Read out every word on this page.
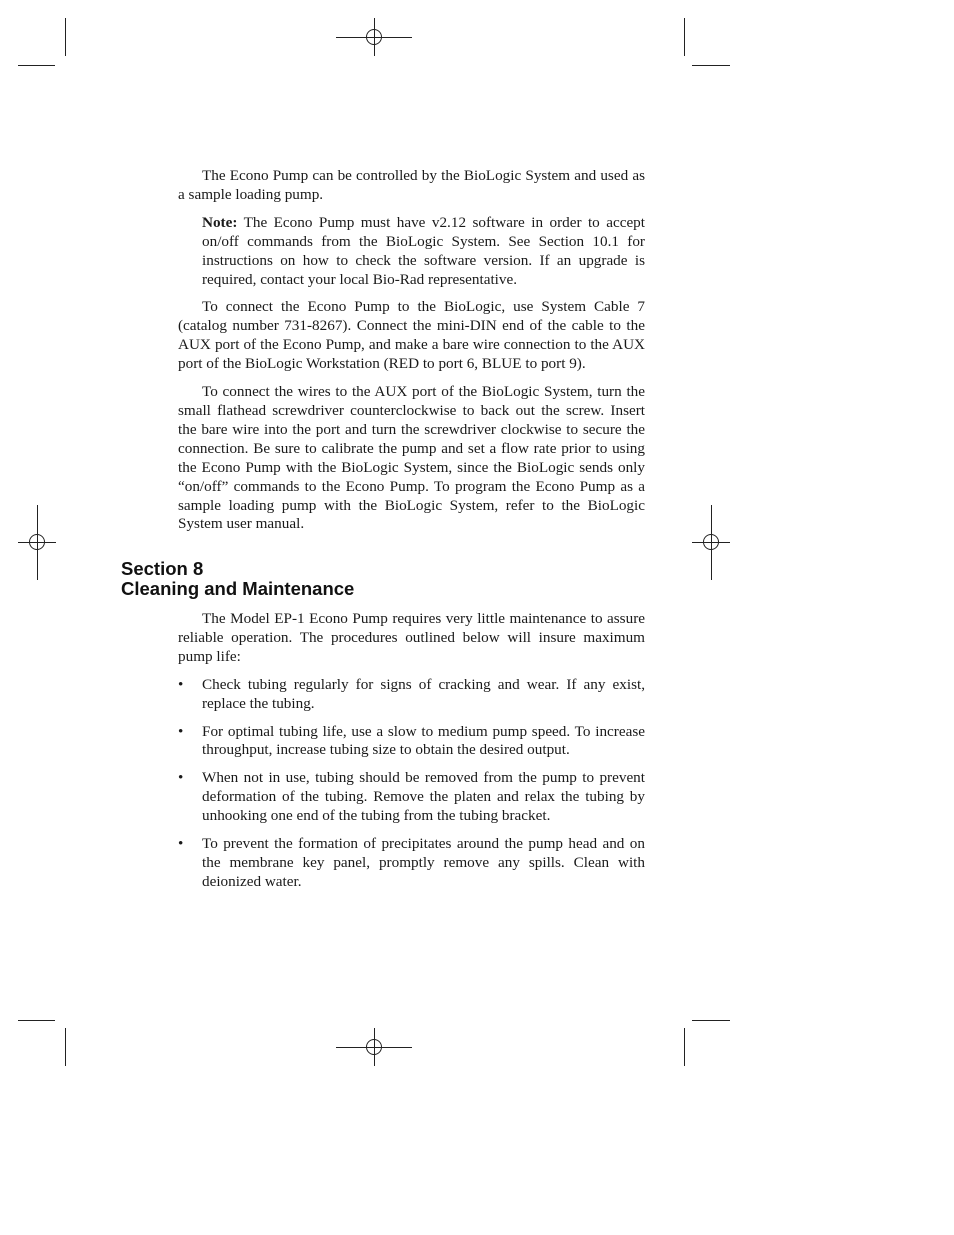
The Econo Pump can be controlled by the BioLogic System and used as a sample loading pump.

Note: The Econo Pump must have v2.12 software in order to accept on/off commands from the BioLogic System. See Section 10.1 for instructions on how to check the software version. If an upgrade is required, contact your local Bio-Rad representative.

To connect the Econo Pump to the BioLogic, use System Cable 7 (catalog number 731-8267). Connect the mini-DIN end of the cable to the AUX port of the Econo Pump, and make a bare wire connection to the AUX port of the BioLogic Workstation (RED to port 6, BLUE to port 9).

To connect the wires to the AUX port of the BioLogic System, turn the small flathead screwdriver counterclockwise to back out the screw. Insert the bare wire into the port and turn the screwdriver clockwise to secure the connection. Be sure to calibrate the pump and set a flow rate prior to using the Econo Pump with the BioLogic System, since the BioLogic sends only “on/off” commands to the Econo Pump. To program the Econo Pump as a sample loading pump with the BioLogic System, refer to the BioLogic System user manual.

Section 8
Cleaning and Maintenance

The Model EP-1 Econo Pump requires very little maintenance to assure reliable operation. The procedures outlined below will insure maximum pump life:

• Check tubing regularly for signs of cracking and wear. If any exist, replace the tubing.
• For optimal tubing life, use a slow to medium pump speed. To increase throughput, increase tubing size to obtain the desired output.
• When not in use, tubing should be removed from the pump to prevent deformation of the tubing. Remove the platen and relax the tubing by unhooking one end of the tubing from the tubing bracket.
• To prevent the formation of precipitates around the pump head and on the membrane key panel, promptly remove any spills. Clean with deionized water.
